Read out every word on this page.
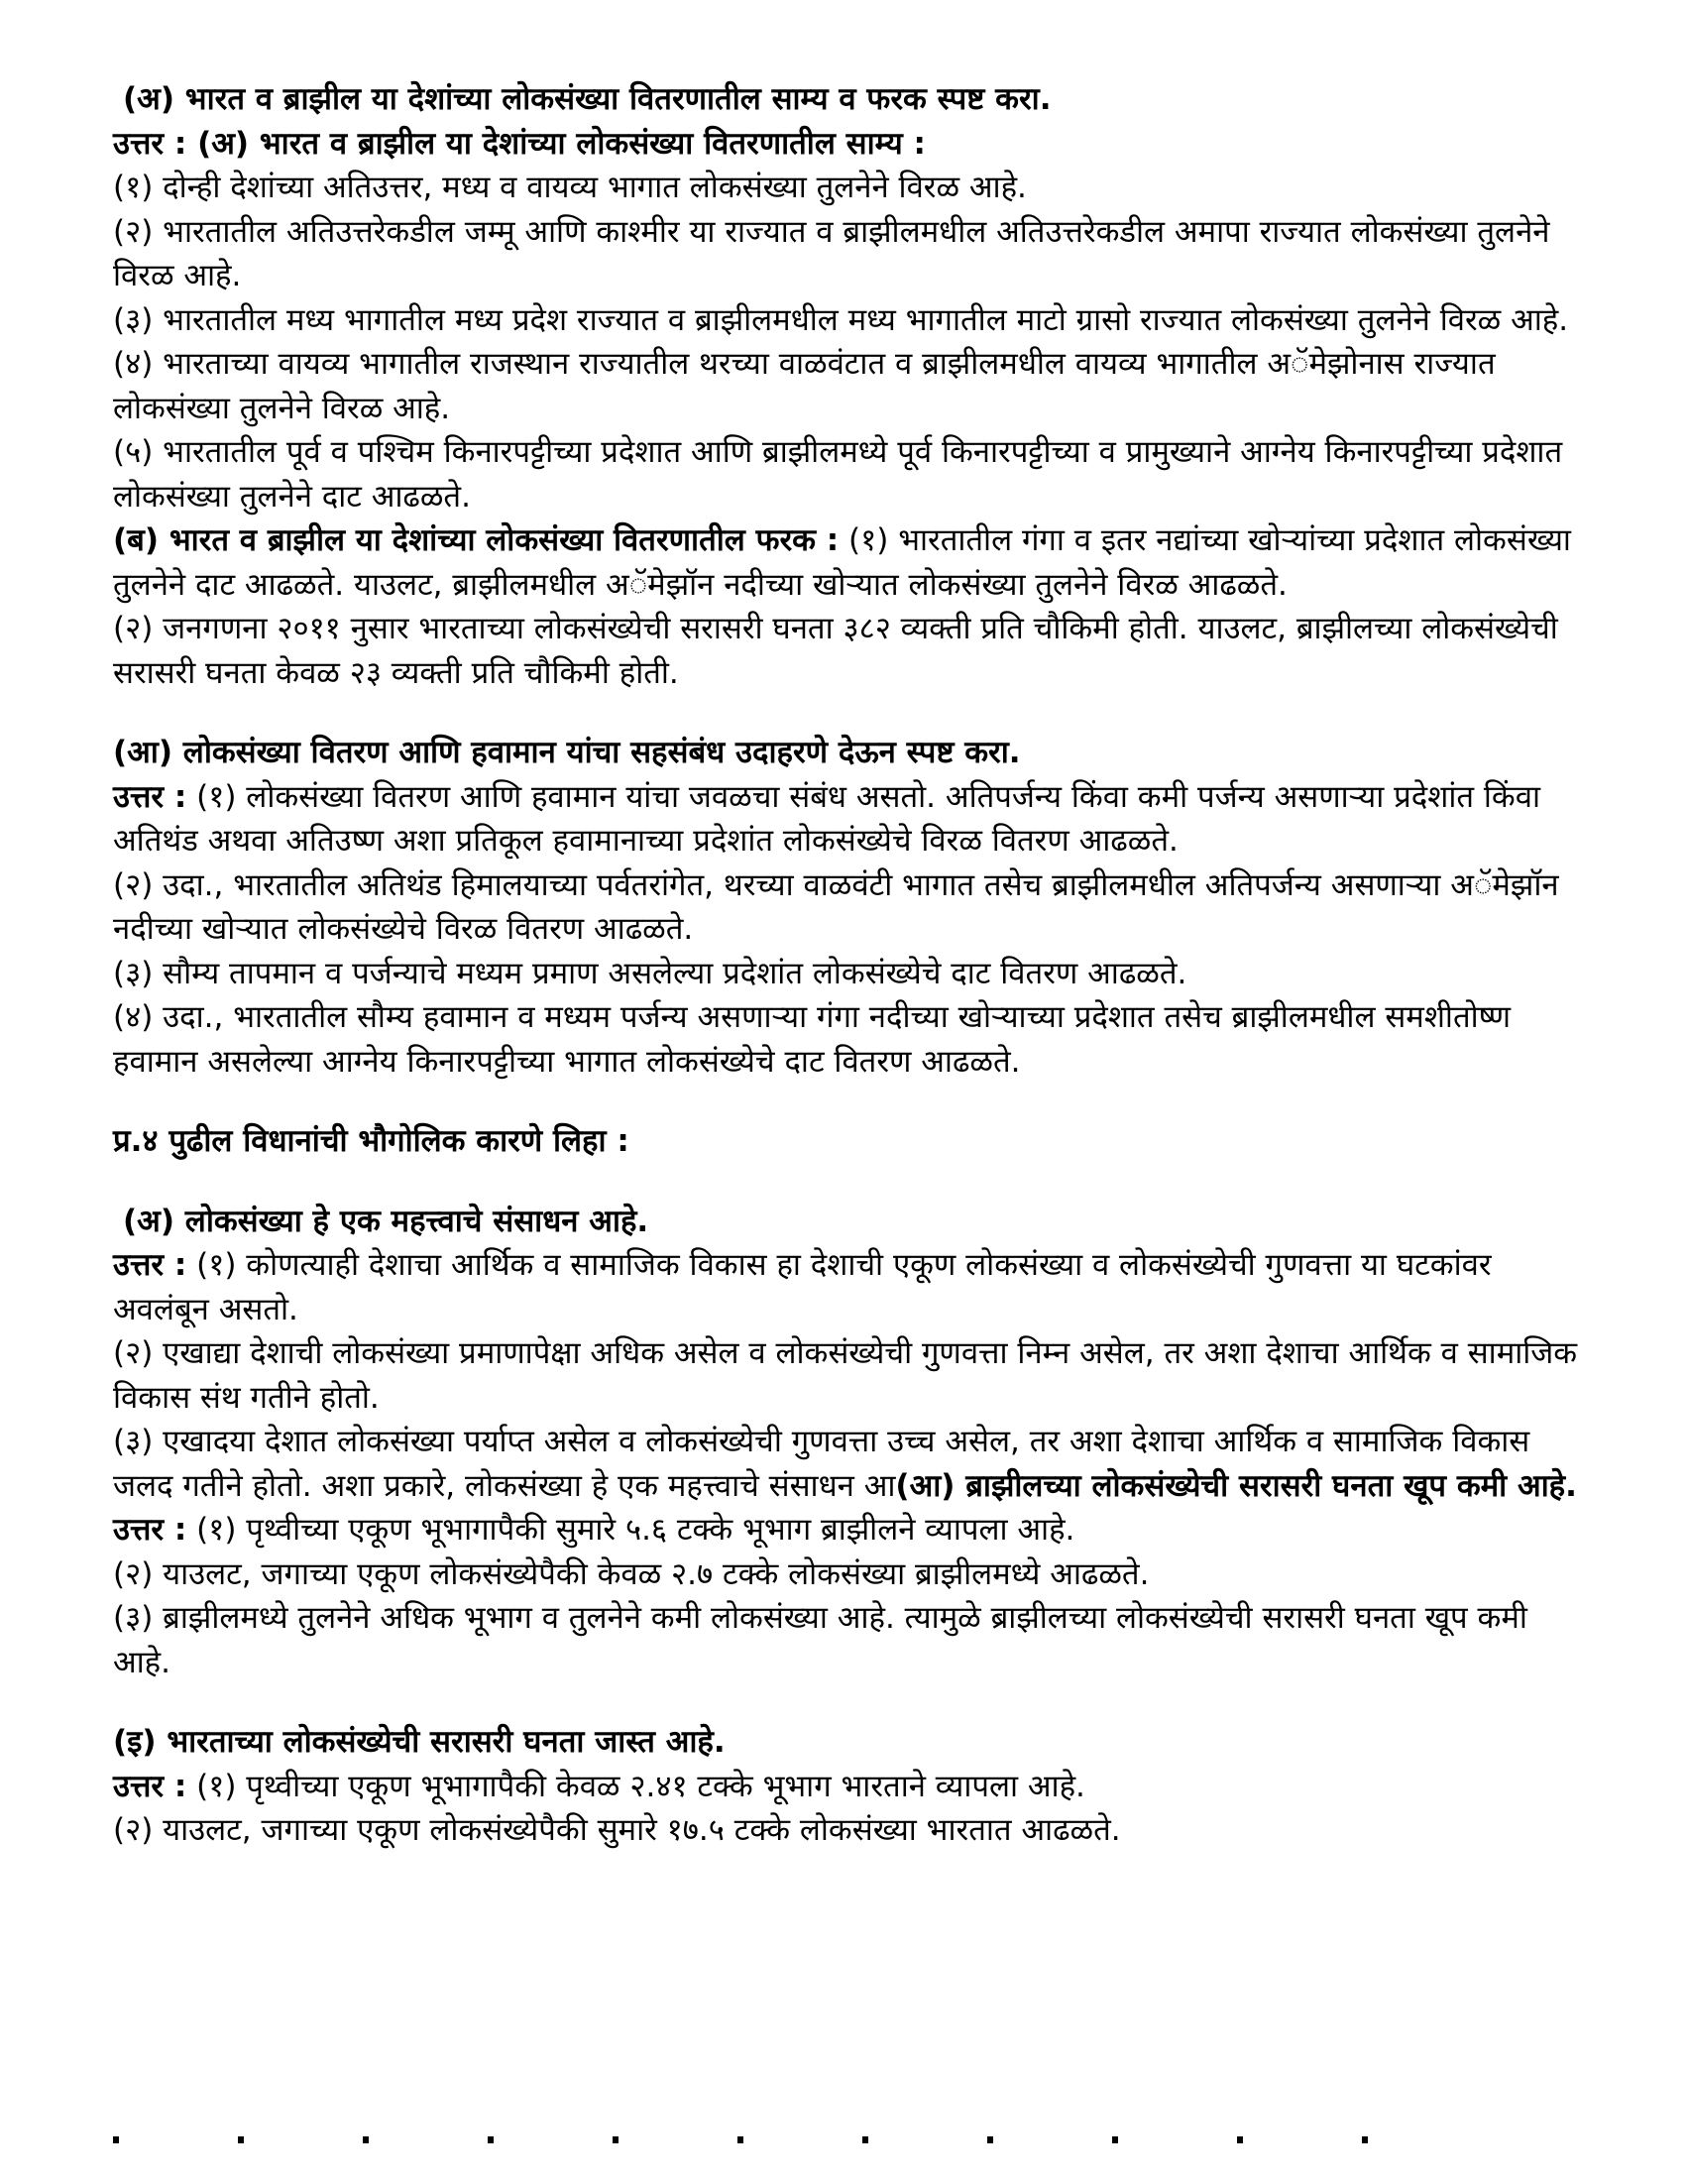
(अ) भारत व ब्राझील या देशांच्या लोकसंख्या वितरणातील साम्य व फरक स्पष्ट करा.

उत्तर : (अ) भारत व ब्राझील या देशांच्या लोकसंख्या वितरणातील साम्य :

(१) दोन्ही देशांच्या अतिउत्तर, मध्य व वायव्य भागात लोकसंख्या तुलनेने विरळ आहे.

(२) भारतातील अतिउत्तरेकडील जम्मू आणि काश्मीर या राज्यात व ब्राझीलमधील अतिउत्तरेकडील अमापा राज्यात लोकसंख्या तुलनेने विरळ आहे.

(३) भारतातील मध्य भागातील मध्य प्रदेश राज्यात व ब्राझीलमधील मध्य भागातील माटो ग्रासो राज्यात लोकसंख्या तुलनेने विरळ आहे.

(४) भारताच्या वायव्य भागातील राजस्थान राज्यातील थरच्या वाळवंटात व ब्राझीलमधील वायव्य भागातील अॅमेझोनास राज्यात लोकसंख्या तुलनेने विरळ आहे.

(५) भारतातील पूर्व व पश्चिम किनारपट्टीच्या प्रदेशात आणि ब्राझीलमध्ये पूर्व किनारपट्टीच्या व प्रामुख्याने आग्नेय किनारपट्टीच्या प्रदेशात लोकसंख्या तुलनेने दाट आढळते.

(ब) भारत व ब्राझील या देशांच्या लोकसंख्या वितरणातील फरक : (१) भारतातील गंगा व इतर नद्यांच्या खोऱ्यांच्या प्रदेशात लोकसंख्या तुलनेने दाट आढळते. याउलट, ब्राझीलमधील अॅमेझॉन नदीच्या खोऱ्यात लोकसंख्या तुलनेने विरळ आढळते.

(२) जनगणना २०११ नुसार भारताच्या लोकसंख्येची सरासरी घनता ३८२ व्यक्ती प्रति चौकिमी होती. याउलट, ब्राझीलच्या लोकसंख्येची सरासरी घनता केवळ २३ व्यक्ती प्रति चौकिमी होती.

(आ) लोकसंख्या वितरण आणि हवामान यांचा सहसंबंध उदाहरणे देऊन स्पष्ट करा.

उत्तर : (१) लोकसंख्या वितरण आणि हवामान यांचा जवळचा संबंध असतो. अतिपर्जन्य किंवा कमी पर्जन्य असणाऱ्या प्रदेशांत किंवा अतिथंड अथवा अतिउष्ण अशा प्रतिकूल हवामानाच्या प्रदेशांत लोकसंख्येचे विरळ वितरण आढळते.

(२) उदा., भारतातील अतिथंड हिमालयाच्या पर्वतरांगेत, थरच्या वाळवंटी भागात तसेच ब्राझीलमधील अतिपर्जन्य असणाऱ्या अॅमेझॉन नदीच्या खोऱ्यात लोकसंख्येचे विरळ वितरण आढळते.

(३) सौम्य तापमान व पर्जन्याचे मध्यम प्रमाण असलेल्या प्रदेशांत लोकसंख्येचे दाट वितरण आढळते.

(४) उदा., भारतातील सौम्य हवामान व मध्यम पर्जन्य असणाऱ्या गंगा नदीच्या खोऱ्याच्या प्रदेशात तसेच ब्राझीलमधील समशीतोष्ण हवामान असलेल्या आग्नेय किनारपट्टीच्या भागात लोकसंख्येचे दाट वितरण आढळते.

प्र.४ पुढील विधानांची भौगोलिक कारणे लिहा :

(अ) लोकसंख्या हे एक महत्त्वाचे संसाधन आहे.

उत्तर : (१) कोणत्याही देशाचा आर्थिक व सामाजिक विकास हा देशाची एकूण लोकसंख्या व लोकसंख्येची गुणवत्ता या घटकांवर अवलंबून असतो.

(२) एखाद्या देशाची लोकसंख्या प्रमाणापेक्षा अधिक असेल व लोकसंख्येची गुणवत्ता निम्न असेल, तर अशा देशाचा आर्थिक व सामाजिक विकास संथ गतीने होतो.

(३) एखादया देशात लोकसंख्या पर्याप्त असेल व लोकसंख्येची गुणवत्ता उच्च असेल, तर अशा देशाचा आर्थिक व सामाजिक विकास जलद गतीने होतो. अशा प्रकारे, लोकसंख्या हे एक महत्त्वाचे संसाधन आ(आ) ब्राझीलच्या लोकसंख्येची सरासरी घनता खूप कमी आहे.

उत्तर : (१) पृथ्वीच्या एकूण भूभागापैकी सुमारे ५.६ टक्के भूभाग ब्राझीलने व्यापला आहे.

(२) याउलट, जगाच्या एकूण लोकसंख्येपैकी केवळ २.७ टक्के लोकसंख्या ब्राझीलमध्ये आढळते.

(३) ब्राझीलमध्ये तुलनेने अधिक भूभाग व तुलनेने कमी लोकसंख्या आहे. त्यामुळे ब्राझीलच्या लोकसंख्येची सरासरी घनता खूप कमी आहे.

(इ) भारताच्या लोकसंख्येची सरासरी घनता जास्त आहे.

उत्तर : (१) पृथ्वीच्या एकूण भूभागापैकी केवळ २.४१ टक्के भूभाग भारताने व्यापला आहे.

(२) याउलट, जगाच्या एकूण लोकसंख्येपैकी सुमारे १७.५ टक्के लोकसंख्या भारतात आढळते.
